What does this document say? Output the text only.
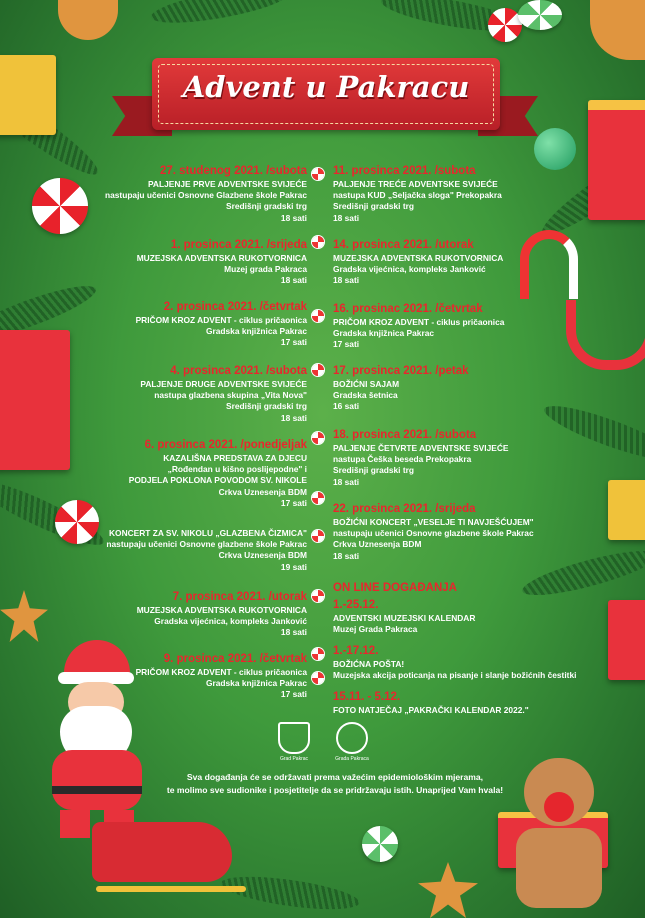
Advent u Pakracu
27. studenog 2021. /subota
PALJENJE PRVE ADVENTSKE SVIJEĆE
nastupaju učenici Osnovne Glazbene škole Pakrac
Središnji gradski trg
18 sati
1. prosinca 2021. /srijeda
MUZEJSKA ADVENTSKA RUKOTVORNICA
Muzej grada Pakraca
18 sati
2. prosinca 2021. /četvrtak
PRIČOM KROZ ADVENT - ciklus pričaonica
Gradska knjižnica Pakrac
17 sati
4. prosinca 2021. /subota
PALJENJE DRUGE ADVENTSKE SVIJEĆE
nastupa glazbena skupina „Vita Nova"
Središnji gradski trg
18 sati
6. prosinca 2021. /ponedjeljak
KAZALIŠNA PREDSTAVA ZA DJECU
„Rođendan u kišno poslijepodne" i
PODJELA POKLONA POVODOM SV. NIKOLE
Crkva Uznesenja BDM
17 sati
KONCERT ZA SV. NIKOLU „GLAZBENA ČIZMICA"
nastupaju učenici Osnovne glazbene škole Pakrac
Crkva Uznesenja BDM
19 sati
7. prosinca 2021. /utorak
MUZEJSKA ADVENTSKA RUKOTVORNICA
Gradska vijećnica, kompleks Janković
18 sati
9. prosinca 2021. /četvrtak
PRIČOM KROZ ADVENT - ciklus pričaonica
Gradska knjižnica Pakrac
17 sati
11. prosinca 2021. /subota
PALJENJE TREĆE ADVENTSKE SVIJEĆE
nastupa KUD „Seljačka sloga" Prekopakra
Središnji gradski trg
18 sati
14. prosinca 2021. /utorak
MUZEJSKA ADVENTSKA RUKOTVORNICA
Gradska vijećnica, kompleks Janković
18 sati
16. prosinac 2021. /četvrtak
PRIČOM KROZ ADVENT - ciklus pričaonica
Gradska knjižnica Pakrac
17 sati
17. prosinca 2021. /petak
BOŽIĆNI SAJAM
Gradska šetnica
16 sati
18. prosinca 2021. /subota
PALJENJE ČETVRTE ADVENTSKE SVIJEĆE
nastupa Češka beseda Prekopakra
Središnji gradski trg
18 sati
22. prosinca 2021. /srijeda
BOŽIĆNI KONCERT „VESELJE TI NAVJEŠĆUJEM"
nastupaju učenici Osnovne glazbene škole Pakrac
Crkva Uznesenja BDM
18 sati
ON LINE DOGAĐANJA
1.-25.12.
ADVENTSKI MUZEJSKI KALENDAR
Muzej Grada Pakraca
1.-17.12.
BOŽIĆNA POŠTA!
Muzejska akcija poticanja na pisanje i slanje božićnih čestitki
15.11. - 5.12.
FOTO NATJEČAJ „PAKRAČKI KALENDAR 2022."
Grad Pakrac	Grada Pakraca
Sva događanja će se održavati prema važećim epidemiološkim mjerama,
te molimo sve sudionike i posjetitelje da se pridržavaju istih. Unaprijed Vam hvala!
